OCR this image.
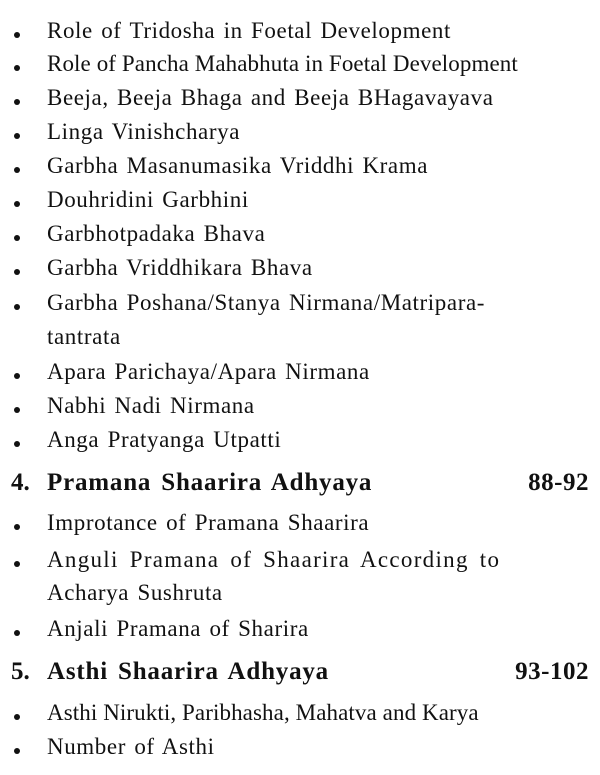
Role of Tridosha in Foetal Development
Role of Pancha Mahabhuta in Foetal Development
Beeja, Beeja Bhaga and Beeja BHagavayava
Linga Vinishcharya
Garbha Masanumasika Vriddhi Krama
Douhridini Garbhini
Garbhotpadaka Bhava
Garbha Vriddhikara Bhava
Garbha Poshana/Stanya Nirmana/Matripara-
tantrata
Apara Parichaya/Apara Nirmana
Nabhi Nadi Nirmana
Anga Pratyanga Utpatti
4. Pramana Shaarira Adhyaya	88-92
Improtance of Pramana Shaarira
Anguli Pramana of Shaarira According to
Acharya Sushruta
Anjali Pramana of Sharira
5. Asthi Shaarira Adhyaya	93-102
Asthi Nirukti, Paribhasha, Mahatva and Karya
Number of Asthi
